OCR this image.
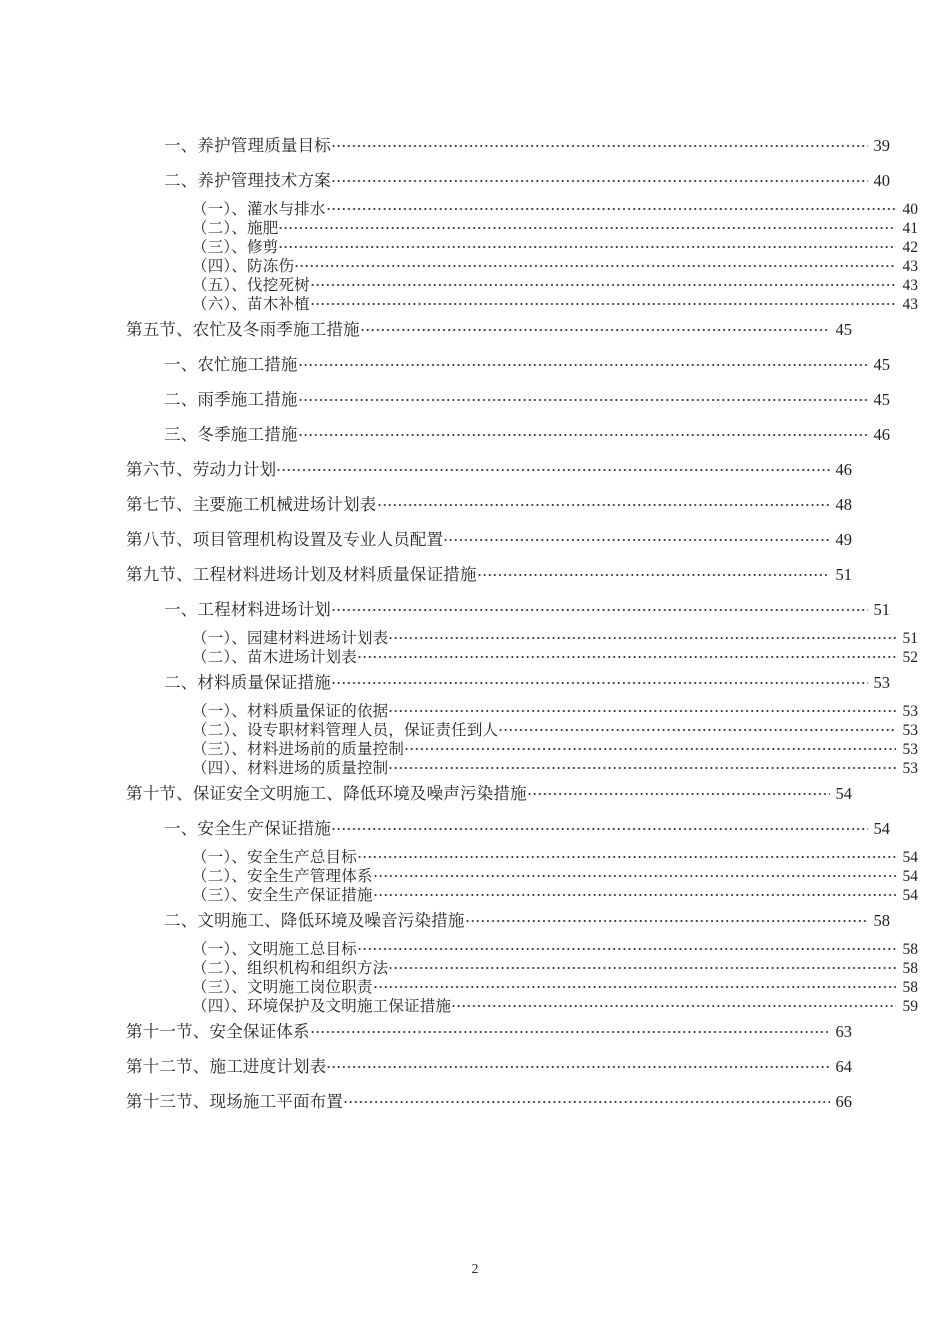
一、养护管理质量目标	39
二、养护管理技术方案	40
（一）、灌水与排水	40
（二）、施肥	41
（三）、修剪	42
（四）、防冻伤	43
（五）、伐挖死树	43
（六）、苗木补植	43
第五节、农忙及冬雨季施工措施	45
一、农忙施工措施	45
二、雨季施工措施	45
三、冬季施工措施	46
第六节、劳动力计划	46
第七节、主要施工机械进场计划表	48
第八节、项目管理机构设置及专业人员配置	49
第九节、工程材料进场计划及材料质量保证措施	51
一、工程材料进场计划	51
（一）、园建材料进场计划表	51
（二）、苗木进场计划表	52
二、材料质量保证措施	53
（一）、材料质量保证的依据	53
（二）、设专职材料管理人员，保证责任到人	53
（三）、材料进场前的质量控制	53
（四）、材料进场的质量控制	53
第十节、保证安全文明施工、降低环境及噪声污染措施	54
一、安全生产保证措施	54
（一）、安全生产总目标	54
（二）、安全生产管理体系	54
（三）、安全生产保证措施	54
二、文明施工、降低环境及噪音污染措施	58
（一）、文明施工总目标	58
（二）、组织机构和组织方法	58
（三）、文明施工岗位职责	58
（四）、环境保护及文明施工保证措施	59
第十一节、安全保证体系	63
第十二节、施工进度计划表	64
第十三节、现场施工平面布置	66
2
